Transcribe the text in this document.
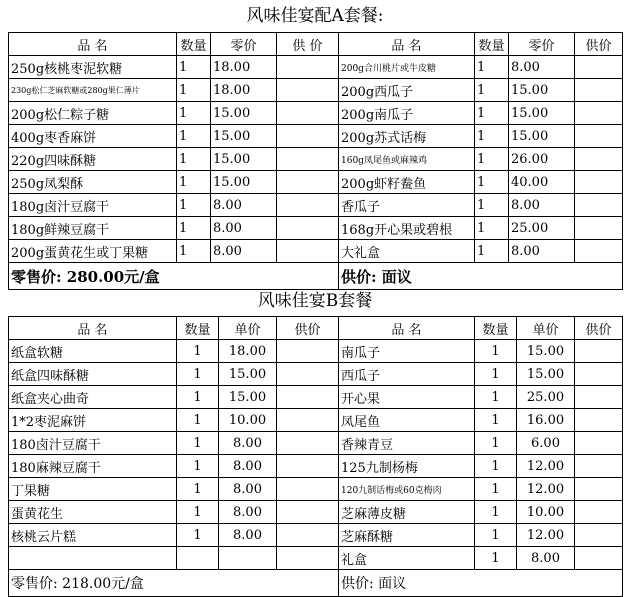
风味佳宴配A套餐:
品 名	数量	零价	供 价	品 名	数量	零价	供价
250g核桃枣泥软糖	1	18.00		200g合川桃片或牛皮糖	1	8.00	
230g松仁芝麻软糖或280g果仁薄片	1	18.00		200g西瓜子	1	15.00	
200g松仁粽子糖	1	15.00		200g南瓜子	1	15.00	
400g枣香麻饼	1	15.00		200g苏式话梅	1	15.00	
220g四味酥糖	1	15.00		160g凤尾鱼或麻辣鸡	1	26.00	
250g凤梨酥	1	15.00		200g虾籽鲞鱼	1	40.00	
180g卤汁豆腐干	1	8.00		香瓜子	1	8.00	
180g鲜辣豆腐干	1	8.00		168g开心果或碧根	1	25.00	
200g蛋黄花生或丁果糖	1	8.00		大礼盒	1	8.00	
零售价: 280.00元/盒				供价: 面议			
风味佳宴B套餐
品 名	数量	单价	供价	品 名	数量	单价	供价
纸盒软糖	1	18.00		南瓜子	1	15.00	
纸盒四味酥糖	1	15.00		西瓜子	1	15.00	
纸盒夹心曲奇	1	15.00		开心果	1	25.00	
1*2枣泥麻饼	1	10.00		凤尾鱼	1	16.00	
180卤汁豆腐干	1	8.00		香辣青豆	1	6.00	
180麻辣豆腐干	1	8.00		125九制杨梅	1	12.00	
丁果糖	1	8.00		120九制话梅或60克梅肉	1	12.00	
蛋黄花生	1	8.00		芝麻薄皮糖	1	10.00	
核桃云片糕	1	8.00		芝麻酥糖	1	12.00	
				礼盒	1	8.00	
零售价: 218.00元/盒				供价: 面议			
